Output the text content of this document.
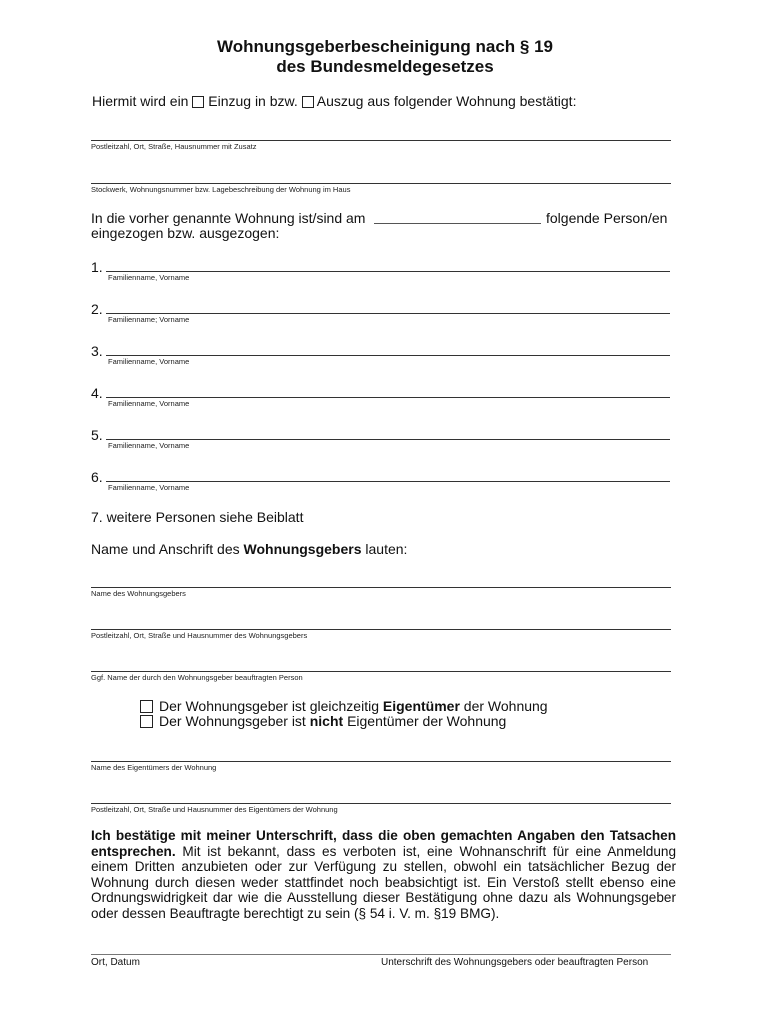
Wohnungsgeberbescheinigung nach § 19
des Bundesmeldegesetzes
Hiermit wird ein Einzug in bzw. Auszug aus folgender Wohnung bestätigt:
Postleitzahl, Ort, Straße, Hausnummer mit Zusatz
Stockwerk, Wohnungsnummer bzw. Lagebeschreibung der Wohnung im Haus
In die vorher genannte Wohnung ist/sind am	folgende Person/en
eingezogen bzw. ausgezogen:
1.
Familienname, Vorname
2.
Familienname; Vorname
3.
Familienname, Vorname
4.
Familienname, Vorname
5.
Familienname, Vorname
6.
Familienname, Vorname
7. weitere Personen siehe Beiblatt
Name und Anschrift des Wohnungsgebers lauten:
Name des Wohnungsgebers
Postleitzahl, Ort, Straße und Hausnummer des Wohnungsgebers
Ggf. Name der durch den Wohnungsgeber beauftragten Person
Der Wohnungsgeber ist gleichzeitig Eigentümer der Wohnung
Der Wohnungsgeber ist nicht Eigentümer der Wohnung
Name des Eigentümers der Wohnung
Postleitzahl, Ort, Straße und Hausnummer des Eigentümers der Wohnung
Ich bestätige mit meiner Unterschrift, dass die oben gemachten Angaben den Tatsachen entsprechen. Mit ist bekannt, dass es verboten ist, eine Wohnanschrift für eine Anmeldung einem Dritten anzubieten oder zur Verfügung zu stellen, obwohl ein tatsächlicher Bezug der Wohnung durch diesen weder stattfindet noch beabsichtigt ist. Ein Verstoß stellt ebenso eine Ordnungswidrigkeit dar wie die Ausstellung dieser Bestätigung ohne dazu als Wohnungsgeber oder dessen Beauftragte berechtigt zu sein (§ 54 i. V. m. §19 BMG).
Ort, Datum	Unterschrift des Wohnungsgebers oder beauftragten Person
